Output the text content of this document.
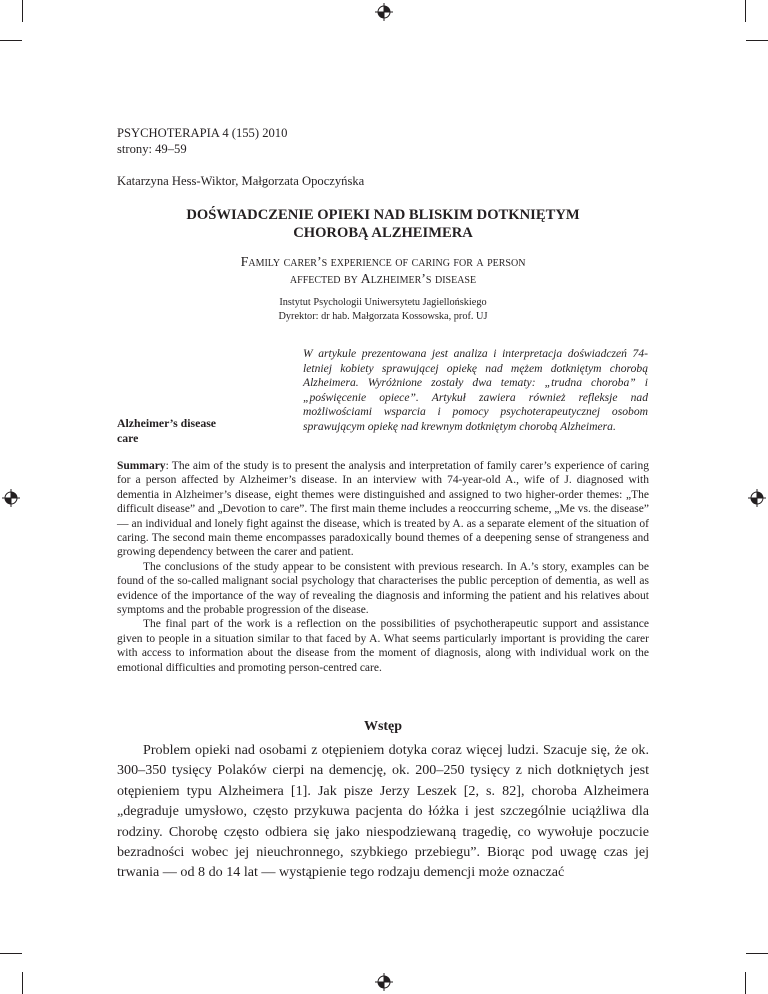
PSYCHOTERAPIA 4 (155) 2010
strony: 49–59
Katarzyna Hess-Wiktor, Małgorzata Opoczyńska
DOŚWIADCZENIE OPIEKI NAD BLISKIM DOTKNIĘTYM
CHOROBĄ ALZHEIMERA
Family carer’s experience of caring for a person
affected by Alzheimer’s disease
Instytut Psychologii Uniwersytetu Jagiellońskiego
Dyrektor: dr hab. Małgorzata Kossowska, prof. UJ
Alzheimer’s disease
care
W artykule prezentowana jest analiza i interpretacja doświadczeń 74-letniej kobiety sprawującej opiekę nad mężem dotkniętym chorobą Alzheimera. Wyróżnione zostały dwa tematy: „trudna choroba” i „poświęcenie opiece”. Artykuł zawiera również refleksje nad możliwościami wsparcia i pomocy psychoterapeutycznej osobom sprawującym opiekę nad krewnym dotkniętym chorobą Alzheimera.

Summary: The aim of the study is to present the analysis and interpretation of family carer’s experience of caring for a person affected by Alzheimer’s disease. In an interview with 74-year-old A., wife of J. diagnosed with dementia in Alzheimer’s disease, eight themes were distinguished and assigned to two higher-order themes: „The difficult disease” and „Devotion to care”. The first main theme includes a reoccurring scheme, „Me vs. the disease” — an individual and lonely fight against the disease, which is treated by A. as a separate element of the situation of caring. The second main theme encompasses paradoxically bound themes of a deepening sense of strangeness and growing dependency between the carer and patient.

The conclusions of the study appear to be consistent with previous research. In A.’s story, examples can be found of the so-called malignant social psychology that characterises the public perception of dementia, as well as evidence of the importance of the way of revealing the diagnosis and informing the patient and his relatives about symptoms and the probable progression of the disease.

The final part of the work is a reflection on the possibilities of psychotherapeutic support and assistance given to people in a situation similar to that faced by A. What seems particularly important is providing the carer with access to information about the disease from the moment of diagnosis, along with individual work on the emotional difficulties and promoting person-centred care.

Wstęp

Problem opieki nad osobami z otępieniem dotyka coraz więcej ludzi. Szacuje się, że ok. 300–350 tysięcy Polaków cierpi na demencję, ok. 200–250 tysięcy z nich dotkniętych jest otępieniem typu Alzheimera [1]. Jak pisze Jerzy Leszek [2, s. 82], choroba Alzheimera „degraduje umysłowo, często przykuwa pacjenta do łóżka i jest szczególnie uciążliwa dla rodziny. Chorobę często odbiera się jako niespodziewaną tragedię, co wywołuje poczucie bezradności wobec jej nieuchronnego, szybkiego przebiegu”. Biorąc pod uwagę czas jej trwania — od 8 do 14 lat — wystąpienie tego rodzaju demencji może oznaczać
